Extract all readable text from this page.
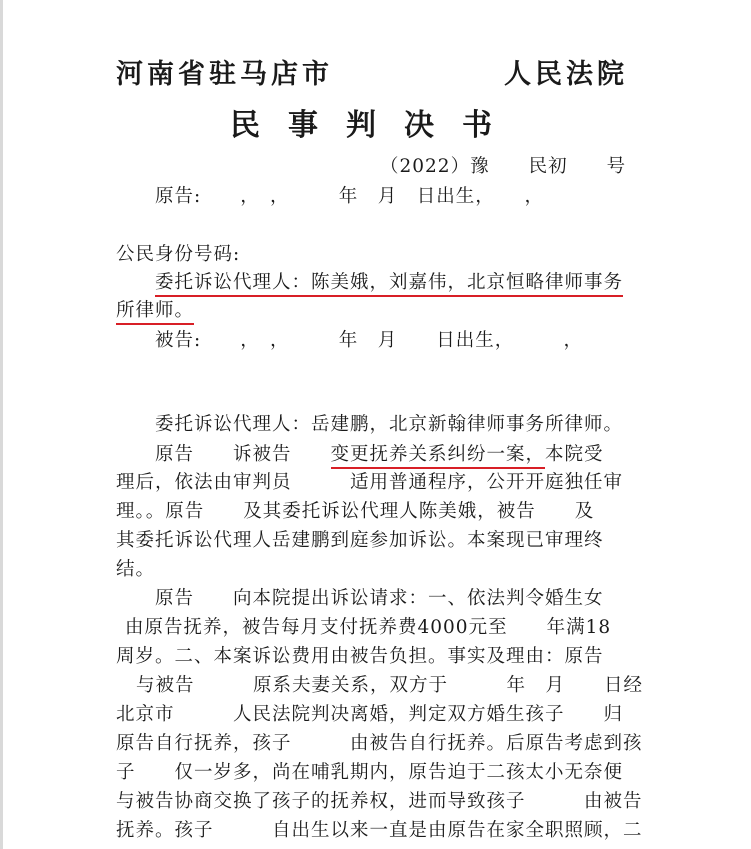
河南省驻马店市	人民法院
民事判决书
（2022）豫　　民初　　号
原告:　　，　，　　　年　月　日出生，　　，
公民身份号码:
委托诉讼代理人：陈美娥，刘嘉伟，北京恒略律师事务
所律师。
被告:　　，　，　　　年　月　　日出生，　　　，
委托诉讼代理人：岳建鹏，北京新翰律师事务所律师。
原告　　诉被告　　变更抚养关系纠纷一案，本院受
理后，依法由审判员　　　适用普通程序，公开开庭独任审
理。。原告　　及其委托诉讼代理人陈美娥，被告　　及
其委托诉讼代理人岳建鹏到庭参加诉讼。本案现已审理终
结。
原告　　向本院提出诉讼请求：一、依法判令婚生女
由原告抚养，被告每月支付抚养费4000元至　　年满18
周岁。二、本案诉讼费用由被告负担。事实及理由：原告
与被告　　　原系夫妻关系，双方于　　　年　月　　日经
北京市　　　人民法院判决离婚，判定双方婚生孩子　　归
原告自行抚养，孩子　　　由被告自行抚养。后原告考虑到孩
子　　仅一岁多，尚在哺乳期内，原告迫于二孩太小无奈便
与被告协商交换了孩子的抚养权，进而导致孩子　　　由被告
抚养。孩子　　　自出生以来一直是由原告在家全职照顾，二
